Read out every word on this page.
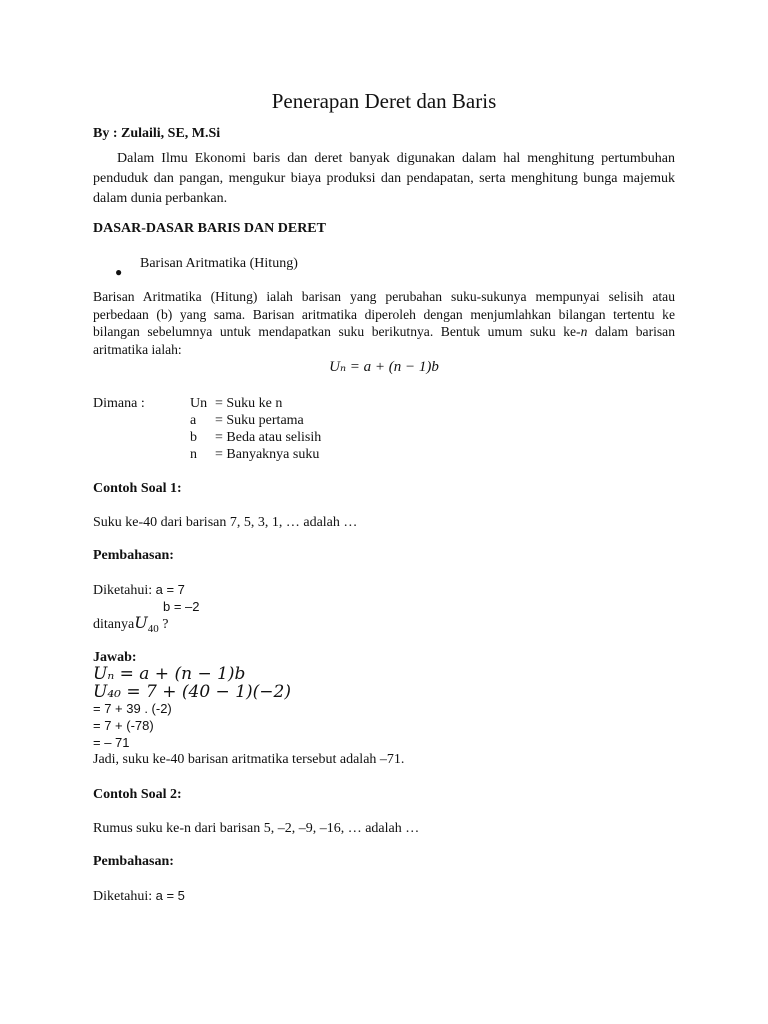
Penerapan Deret dan Baris
By : Zulaili, SE, M.Si
Dalam Ilmu Ekonomi baris dan deret banyak digunakan dalam hal menghitung pertumbuhan penduduk dan pangan, mengukur biaya produksi dan pendapatan, serta menghitung bunga majemuk dalam dunia perbankan.
DASAR-DASAR BARIS DAN DERET
●
Barisan Aritmatika (Hitung)
Barisan Aritmatika (Hitung) ialah barisan yang perubahan suku-sukunya mempunyai selisih atau perbedaan (b) yang sama. Barisan aritmatika diperoleh dengan menjumlahkan bilangan tertentu ke bilangan sebelumnya untuk mendapatkan suku berikutnya. Bentuk umum suku ke-n dalam barisan aritmatika ialah:
Uₙ = a + (n − 1)b
Dimana :	Un = Suku ke n
a = Suku pertama
b = Beda atau selisih
n = Banyaknya suku
Contoh Soal 1:
Suku ke-40 dari barisan 7, 5, 3, 1, … adalah …
Pembahasan:
Diketahui: a = 7
b = –2
ditanyaU$_{40}$ ?
Jawab:
Uₙ = a + (n − 1)b
U₄₀ = 7 + (40 − 1)(−2)
= 7 + 39 . (-2)
= 7 + (-78)
= – 71
Jadi, suku ke-40 barisan aritmatika tersebut adalah –71.
Contoh Soal 2:
Rumus suku ke-n dari barisan 5, –2, –9, –16, … adalah …
Pembahasan:
Diketahui: a = 5
